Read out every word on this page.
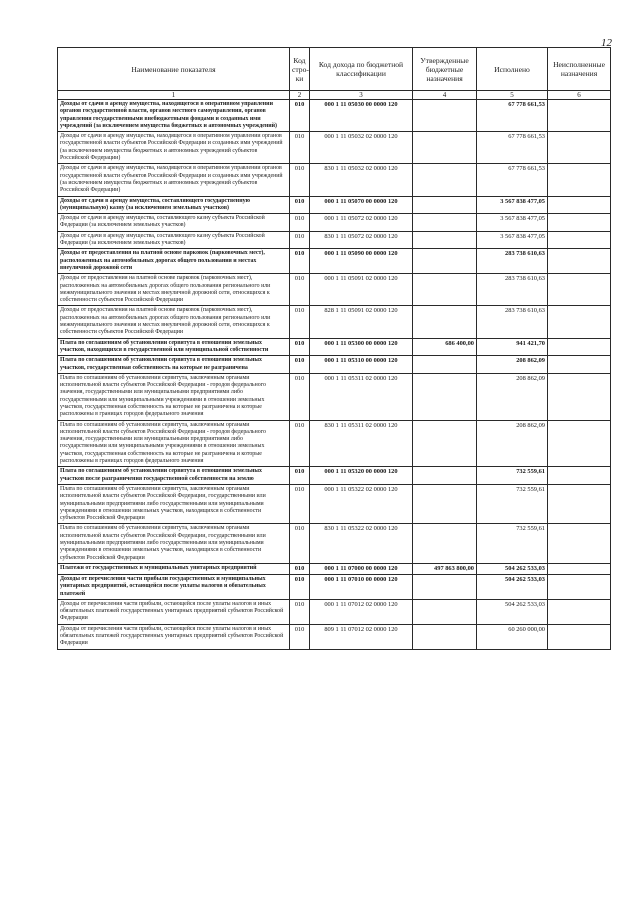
12
Наименование показателя	Код стро-ки	Код дохода по бюджетной классификации	Утвержденные бюджетные назначения	Исполнено	Неисполненные назначения
1	2	3	4	5	6
Доходы от сдачи в аренду имущества, находящегося в оперативном управлении органов государственной власти, органов местного самоуправления, органов управления государственными внебюджетными фондами и созданных ими учреждений (за исключением имущества бюджетных и автономных учреждений)	010	000 1 11 05030 00 0000 120		67 778 661,53	
Доходы от сдачи в аренду имущества, находящегося в оперативном управлении органов государственной власти субъектов Российской Федерации и созданных ими учреждений (за исключением имущества бюджетных и автономных учреждений субъектов Российской Федерации)	010	000 1 11 05032 02 0000 120		67 778 661,53	
Доходы от сдачи в аренду имущества, находящегося в оперативном управлении органов государственной власти субъектов Российской Федерации и созданных ими учреждений (за исключением имущества бюджетных и автономных учреждений субъектов Российской Федерации)	010	830 1 11 05032 02 0000 120		67 778 661,53	
Доходы от сдачи в аренду имущества, составляющего государственную (муниципальную) казну (за исключением земельных участков)	010	000 1 11 05070 00 0000 120		3 567 838 477,05	
Доходы от сдачи в аренду имущества, составляющего казну субъекта Российской Федерации (за исключением земельных участков)	010	000 1 11 05072 02 0000 120		3 567 838 477,05	
Доходы от сдачи в аренду имущества, составляющего казну субъекта Российской Федерации (за исключением земельных участков)	010	830 1 11 05072 02 0000 120		3 567 838 477,05	
Доходы от предоставления на платной основе парковок (парковочных мест), расположенных на автомобильных дорогах общего пользования и местах внеуличной дорожной сети	010	000 1 11 05090 00 0000 120		283 738 610,63	
Доходы от предоставления на платной основе парковок (парковочных мест), расположенных на автомобильных дорогах общего пользования регионального или межмуниципального значения и местах внеуличной дорожной сети, относящихся к собственности субъектов Российской Федерации	010	000 1 11 05091 02 0000 120		283 738 610,63	
Доходы от предоставления на платной основе парковок (парковочных мест), расположенных на автомобильных дорогах общего пользования регионального или межмуниципального значения и местах внеуличной дорожной сети, относящихся к собственности субъектов Российской Федерации	010	828 1 11 05091 02 0000 120		283 738 610,63	
Плата по соглашениям об установлении сервитута в отношении земельных участков, находящихся в государственной или муниципальной собственности	010	000 1 11 05300 00 0000 120	686 400,00	941 421,70	
Плата по соглашениям об установлении сервитута в отношении земельных участков, государственная собственность на которые не разграничена	010	000 1 11 05310 00 0000 120		208 862,09	
Плата по соглашениям об установлении сервитута, заключенным органами исполнительной власти субъектов Российской Федерации - городов федерального значения, государственными или муниципальными предприятиями либо государственными или муниципальными учреждениями в отношении земельных участков, государственная собственность на которые не разграничена и которые расположены в границах городов федерального значения	010	000 1 11 05311 02 0000 120		208 862,09	
Плата по соглашениям об установлении сервитута, заключенным органами исполнительной власти субъектов Российской Федерации - городов федерального значения, государственными или муниципальными предприятиями либо государственными или муниципальными учреждениями в отношении земельных участков, государственная собственность на которые не разграничена и которые расположены в границах городов федерального значения	010	830 1 11 05311 02 0000 120		208 862,09	
Плата по соглашениям об установлении сервитута в отношении земельных участков после разграничения государственной собственности на землю	010	000 1 11 05320 00 0000 120		732 559,61	
Плата по соглашениям об установлении сервитута, заключенным органами исполнительной власти субъектов Российской Федерации, государственными или муниципальными предприятиями либо государственными или муниципальными учреждениями в отношении земельных участков, находящихся в собственности субъектов Российской Федерации	010	000 1 11 05322 02 0000 120		732 559,61	
Плата по соглашениям об установлении сервитута, заключенным органами исполнительной власти субъектов Российской Федерации, государственными или муниципальными предприятиями либо государственными или муниципальными учреждениями в отношении земельных участков, находящихся в собственности субъектов Российской Федерации	010	830 1 11 05322 02 0000 120		732 559,61	
Платежи от государственных и муниципальных унитарных предприятий	010	000 1 11 07000 00 0000 120	497 863 800,00	504 262 533,03	
Доходы от перечисления части прибыли государственных и муниципальных унитарных предприятий, остающейся после уплаты налогов и обязательных платежей	010	000 1 11 07010 00 0000 120		504 262 533,03	
Доходы от перечисления части прибыли, остающейся после уплаты налогов и иных обязательных платежей государственных унитарных предприятий субъектов Российской Федерации	010	000 1 11 07012 02 0000 120		504 262 533,03	
Доходы от перечисления части прибыли, остающейся после уплаты налогов и иных обязательных платежей государственных унитарных предприятий субъектов Российской Федерации	010	809 1 11 07012 02 0000 120		60 260 000,00	
